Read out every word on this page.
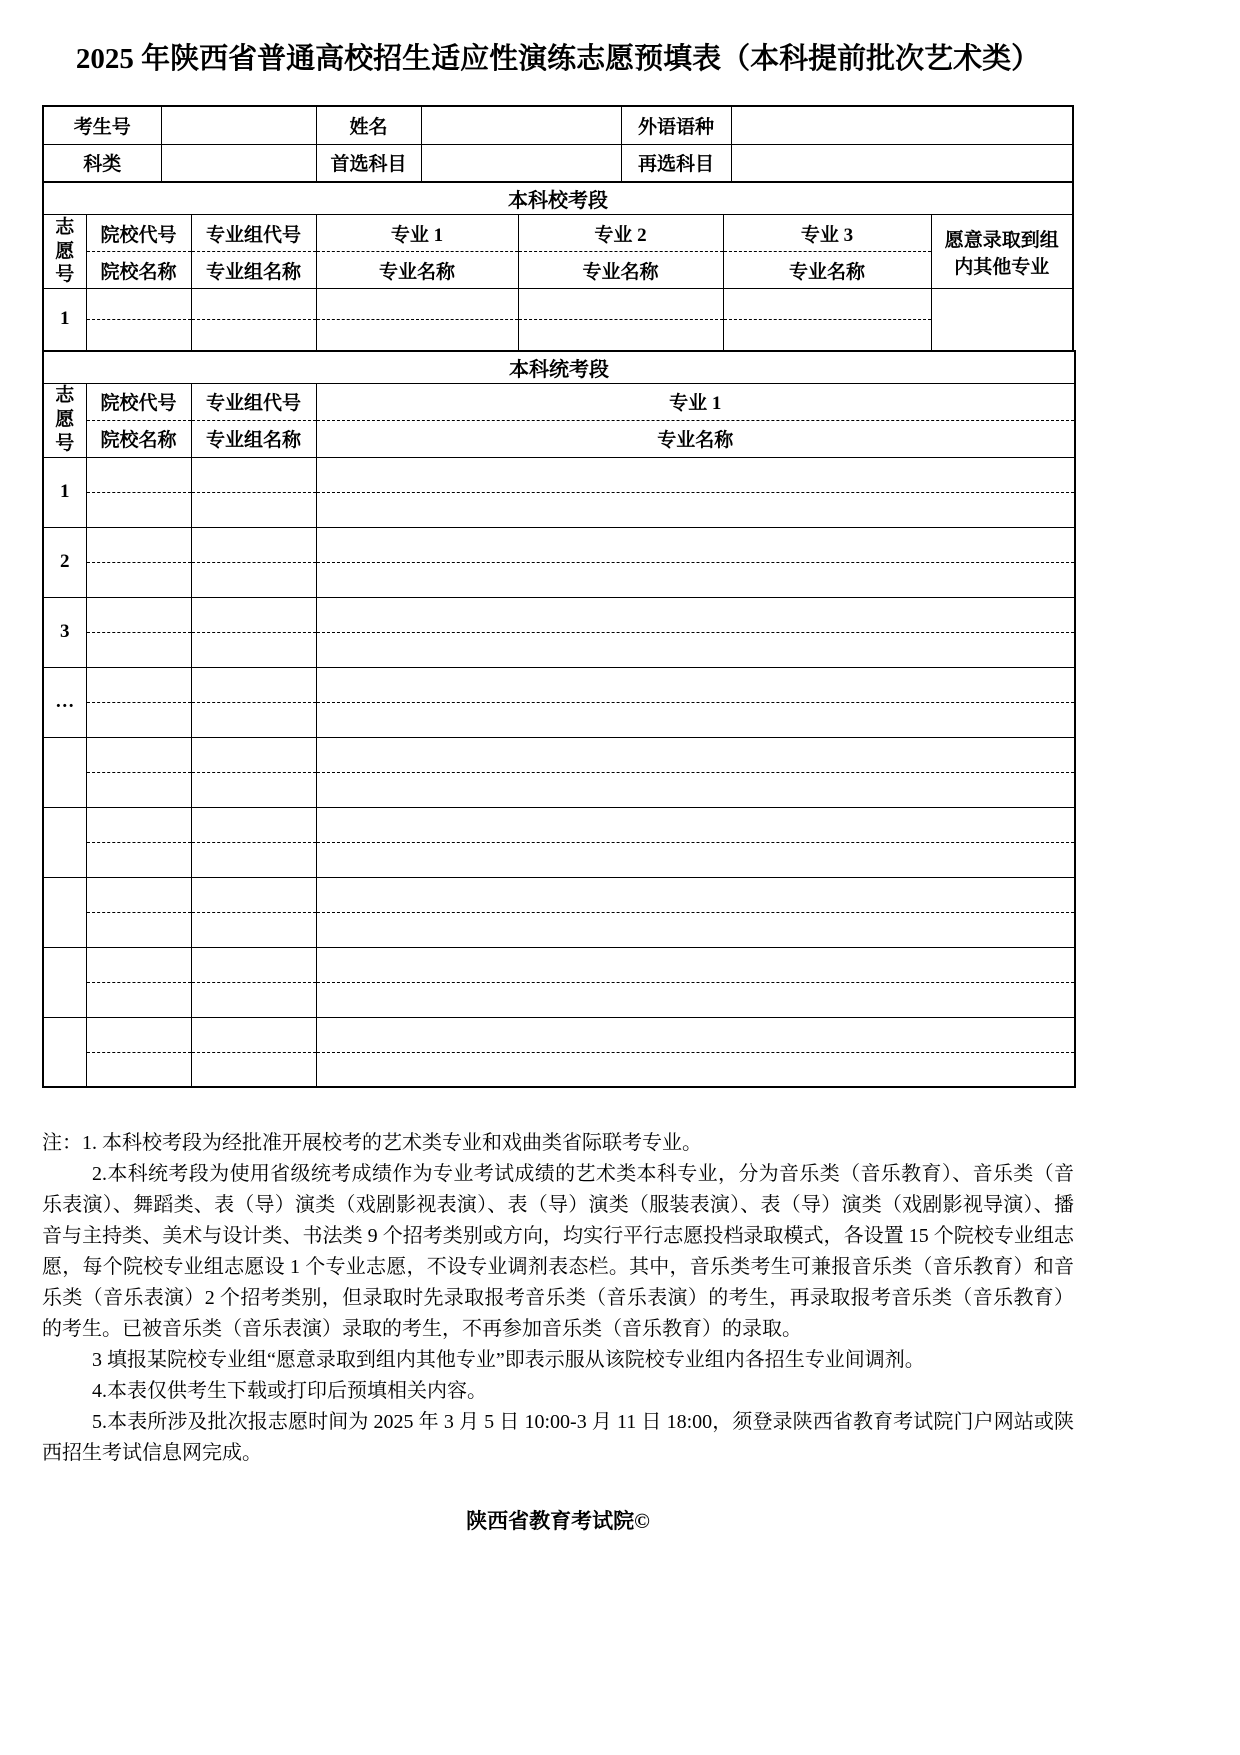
2025 年陕西省普通高校招生适应性演练志愿预填表（本科提前批次艺术类）
考生号		姓名		外语语种	
科类		首选科目		再选科目	
本科校考段						

志愿号	院校代号	专业组代号	专业 1	专业 2	专业 3	愿意录取到组内其他专业
	院校名称	专业组名称	专业名称	专业名称	专业名称	
1						

本科统考段			

志愿号	院校代号	专业组代号	专业 1
	院校名称	专业组名称	专业名称
1			

2			

3			

…			

注：1. 本科校考段为经批准开展校考的艺术类专业和戏曲类省际联考专业。

2.本科统考段为使用省级统考成绩作为专业考试成绩的艺术类本科专业，分为音乐类（音乐教育）、音乐类（音乐表演）、舞蹈类、表（导）演类（戏剧影视表演）、表（导）演类（服装表演）、表（导）演类（戏剧影视导演）、播音与主持类、美术与设计类、书法类 9 个招考类别或方向，均实行平行志愿投档录取模式，各设置 15 个院校专业组志愿，每个院校专业组志愿设 1 个专业志愿，不设专业调剂表态栏。其中，音乐类考生可兼报音乐类（音乐教育）和音乐类（音乐表演）2 个招考类别，但录取时先录取报考音乐类（音乐表演）的考生，再录取报考音乐类（音乐教育）的考生。已被音乐类（音乐表演）录取的考生，不再参加音乐类（音乐教育）的录取。

3 填报某院校专业组“愿意录取到组内其他专业”即表示服从该院校专业组内各招生专业间调剂。

4.本表仅供考生下载或打印后预填相关内容。

5.本表所涉及批次报志愿时间为 2025 年 3 月 5 日 10:00-3 月 11 日 18:00，须登录陕西省教育考试院门户网站或陕西招生考试信息网完成。

陕西省教育考试院©
